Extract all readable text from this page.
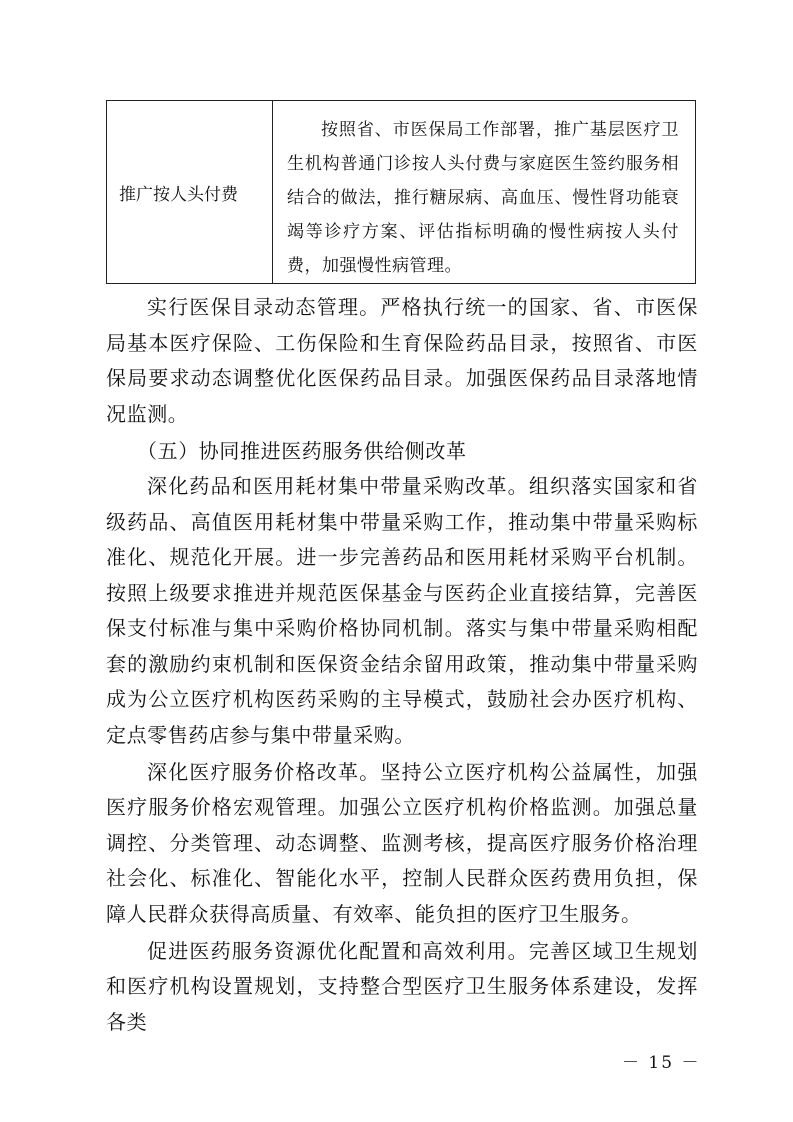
推广按人头付费
按照省、市医保局工作部署，推广基层医疗卫生机构普通门诊按人头付费与家庭医生签约服务相结合的做法，推行糖尿病、高血压、慢性肾功能衰竭等诊疗方案、评估指标明确的慢性病按人头付费，加强慢性病管理。

实行医保目录动态管理。严格执行统一的国家、省、市医保局基本医疗保险、工伤保险和生育保险药品目录，按照省、市医保局要求动态调整优化医保药品目录。加强医保药品目录落地情况监测。

（五）协同推进医药服务供给侧改革

深化药品和医用耗材集中带量采购改革。组织落实国家和省级药品、高值医用耗材集中带量采购工作，推动集中带量采购标准化、规范化开展。进一步完善药品和医用耗材采购平台机制。按照上级要求推进并规范医保基金与医药企业直接结算，完善医保支付标准与集中采购价格协同机制。落实与集中带量采购相配套的激励约束机制和医保资金结余留用政策，推动集中带量采购成为公立医疗机构医药采购的主导模式，鼓励社会办医疗机构、定点零售药店参与集中带量采购。

深化医疗服务价格改革。坚持公立医疗机构公益属性，加强医疗服务价格宏观管理。加强公立医疗机构价格监测。加强总量调控、分类管理、动态调整、监测考核，提高医疗服务价格治理社会化、标准化、智能化水平，控制人民群众医药费用负担，保障人民群众获得高质量、有效率、能负担的医疗卫生服务。

促进医药服务资源优化配置和高效利用。完善区域卫生规划和医疗机构设置规划，支持整合型医疗卫生服务体系建设，发挥各类

－ 15 －
